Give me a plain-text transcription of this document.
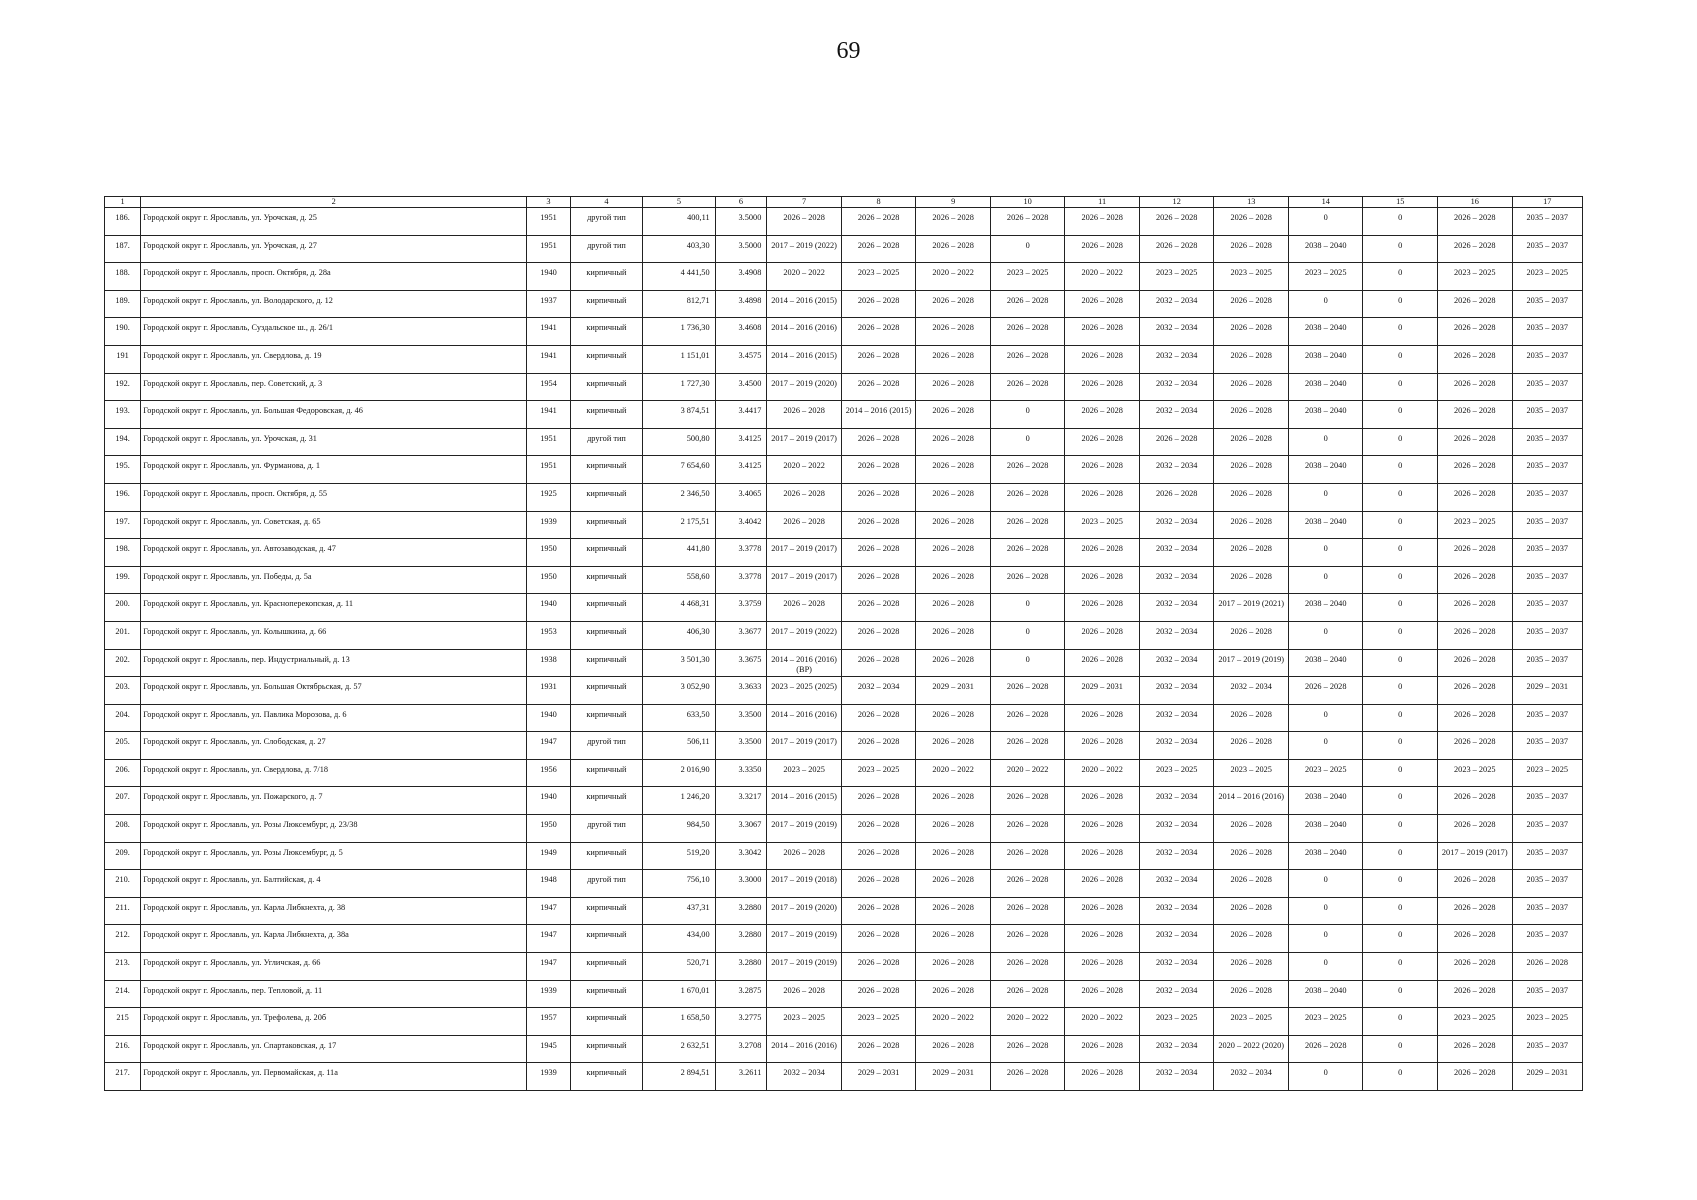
69
1	2	3	4	5	6	7	8	9	10	11	12	13	14	15	16	17

186.	Городской округ г. Ярославль, ул. Урочская, д. 25	1951	другой тип	400,11	3.5000	2026 – 2028	2026 – 2028	2026 – 2028	2026 – 2028	2026 – 2028	2026 – 2028	2026 – 2028	0	0	2026 – 2028	2035 – 2037

187.	Городской округ г. Ярославль, ул. Урочская, д. 27	1951	другой тип	403,30	3.5000	2017 – 2019 (2022)	2026 – 2028	2026 – 2028	0	2026 – 2028	2026 – 2028	2026 – 2028	2038 – 2040	0	2026 – 2028	2035 – 2037

188.	Городской округ г. Ярославль, просп. Октября, д. 28а	1940	кирпичный	4 441,50	3.4908	2020 – 2022	2023 – 2025	2020 – 2022	2023 – 2025	2020 – 2022	2023 – 2025	2023 – 2025	2023 – 2025	0	2023 – 2025	2023 – 2025

189.	Городской округ г. Ярославль, ул. Володарского, д. 12	1937	кирпичный	812,71	3.4898	2014 – 2016 (2015)	2026 – 2028	2026 – 2028	2026 – 2028	2026 – 2028	2032 – 2034	2026 – 2028	0	0	2026 – 2028	2035 – 2037

190.	Городской округ г. Ярославль, Суздальское ш., д. 26/1	1941	кирпичный	1 736,30	3.4608	2014 – 2016 (2016)	2026 – 2028	2026 – 2028	2026 – 2028	2026 – 2028	2032 – 2034	2026 – 2028	2038 – 2040	0	2026 – 2028	2035 – 2037

191	Городской округ г. Ярославль, ул. Свердлова, д. 19	1941	кирпичный	1 151,01	3.4575	2014 – 2016 (2015)	2026 – 2028	2026 – 2028	2026 – 2028	2026 – 2028	2032 – 2034	2026 – 2028	2038 – 2040	0	2026 – 2028	2035 – 2037

192.	Городской округ г. Ярославль, пер. Советский, д. 3	1954	кирпичный	1 727,30	3.4500	2017 – 2019 (2020)	2026 – 2028	2026 – 2028	2026 – 2028	2026 – 2028	2032 – 2034	2026 – 2028	2038 – 2040	0	2026 – 2028	2035 – 2037

193.	Городской округ г. Ярославль, ул. Большая Федоровская, д. 46	1941	кирпичный	3 874,51	3.4417	2026 – 2028	2014 – 2016 (2015)	2026 – 2028	0	2026 – 2028	2032 – 2034	2026 – 2028	2038 – 2040	0	2026 – 2028	2035 – 2037

194.	Городской округ г. Ярославль, ул. Урочская, д. 31	1951	другой тип	500,80	3.4125	2017 – 2019 (2017)	2026 – 2028	2026 – 2028	0	2026 – 2028	2026 – 2028	2026 – 2028	0	0	2026 – 2028	2035 – 2037

195.	Городской округ г. Ярославль, ул. Фурманова, д. 1	1951	кирпичный	7 654,60	3.4125	2020 – 2022	2026 – 2028	2026 – 2028	2026 – 2028	2026 – 2028	2032 – 2034	2026 – 2028	2038 – 2040	0	2026 – 2028	2035 – 2037

196.	Городской округ г. Ярославль, просп. Октября, д. 55	1925	кирпичный	2 346,50	3.4065	2026 – 2028	2026 – 2028	2026 – 2028	2026 – 2028	2026 – 2028	2026 – 2028	2026 – 2028	0	0	2026 – 2028	2035 – 2037

197.	Городской округ г. Ярославль, ул. Советская, д. 65	1939	кирпичный	2 175,51	3.4042	2026 – 2028	2026 – 2028	2026 – 2028	2026 – 2028	2023 – 2025	2032 – 2034	2026 – 2028	2038 – 2040	0	2023 – 2025	2035 – 2037

198.	Городской округ г. Ярославль, ул. Автозаводская, д. 47	1950	кирпичный	441,80	3.3778	2017 – 2019 (2017)	2026 – 2028	2026 – 2028	2026 – 2028	2026 – 2028	2032 – 2034	2026 – 2028	0	0	2026 – 2028	2035 – 2037

199.	Городской округ г. Ярославль, ул. Победы, д. 5а	1950	кирпичный	558,60	3.3778	2017 – 2019 (2017)	2026 – 2028	2026 – 2028	2026 – 2028	2026 – 2028	2032 – 2034	2026 – 2028	0	0	2026 – 2028	2035 – 2037

200.	Городской округ г. Ярославль, ул. Красноперекопская, д. 11	1940	кирпичный	4 468,31	3.3759	2026 – 2028	2026 – 2028	2026 – 2028	0	2026 – 2028	2032 – 2034	2017 – 2019 (2021)	2038 – 2040	0	2026 – 2028	2035 – 2037

201.	Городской округ г. Ярославль, ул. Колышкина, д. 66	1953	кирпичный	406,30	3.3677	2017 – 2019 (2022)	2026 – 2028	2026 – 2028	0	2026 – 2028	2032 – 2034	2026 – 2028	0	0	2026 – 2028	2035 – 2037

202.	Городской округ г. Ярославль, пер. Индустриальный, д. 13	1938	кирпичный	3 501,30	3.3675	2014 – 2016 (2016) (ВР)	2026 – 2028	2026 – 2028	0	2026 – 2028	2032 – 2034	2017 – 2019 (2019)	2038 – 2040	0	2026 – 2028	2035 – 2037

203.	Городской округ г. Ярославль, ул. Большая Октябрьская, д. 57	1931	кирпичный	3 052,90	3.3633	2023 – 2025 (2025)	2032 – 2034	2029 – 2031	2026 – 2028	2029 – 2031	2032 – 2034	2032 – 2034	2026 – 2028	0	2026 – 2028	2029 – 2031

204.	Городской округ г. Ярославль, ул. Павлика Морозова, д. 6	1940	кирпичный	633,50	3.3500	2014 – 2016 (2016)	2026 – 2028	2026 – 2028	2026 – 2028	2026 – 2028	2032 – 2034	2026 – 2028	0	0	2026 – 2028	2035 – 2037

205.	Городской округ г. Ярославль, ул. Слободская, д. 27	1947	другой тип	506,11	3.3500	2017 – 2019 (2017)	2026 – 2028	2026 – 2028	2026 – 2028	2026 – 2028	2032 – 2034	2026 – 2028	0	0	2026 – 2028	2035 – 2037

206.	Городской округ г. Ярославль, ул. Свердлова, д. 7/18	1956	кирпичный	2 016,90	3.3350	2023 – 2025	2023 – 2025	2020 – 2022	2020 – 2022	2020 – 2022	2023 – 2025	2023 – 2025	2023 – 2025	0	2023 – 2025	2023 – 2025

207.	Городской округ г. Ярославль, ул. Пожарского, д. 7	1940	кирпичный	1 246,20	3.3217	2014 – 2016 (2015)	2026 – 2028	2026 – 2028	2026 – 2028	2026 – 2028	2032 – 2034	2014 – 2016 (2016)	2038 – 2040	0	2026 – 2028	2035 – 2037

208.	Городской округ г. Ярославль, ул. Розы Люксембург, д. 23/38	1950	другой тип	984,50	3.3067	2017 – 2019 (2019)	2026 – 2028	2026 – 2028	2026 – 2028	2026 – 2028	2032 – 2034	2026 – 2028	2038 – 2040	0	2026 – 2028	2035 – 2037

209.	Городской округ г. Ярославль, ул. Розы Люксембург, д. 5	1949	кирпичный	519,20	3.3042	2026 – 2028	2026 – 2028	2026 – 2028	2026 – 2028	2026 – 2028	2032 – 2034	2026 – 2028	2038 – 2040	0	2017 – 2019 (2017)	2035 – 2037

210.	Городской округ г. Ярославль, ул. Балтийская, д. 4	1948	другой тип	756,10	3.3000	2017 – 2019 (2018)	2026 – 2028	2026 – 2028	2026 – 2028	2026 – 2028	2032 – 2034	2026 – 2028	0	0	2026 – 2028	2035 – 2037

211.	Городской округ г. Ярославль, ул. Карла Либкнехта, д. 38	1947	кирпичный	437,31	3.2880	2017 – 2019 (2020)	2026 – 2028	2026 – 2028	2026 – 2028	2026 – 2028	2032 – 2034	2026 – 2028	0	0	2026 – 2028	2035 – 2037

212.	Городской округ г. Ярославль, ул. Карла Либкнехта, д. 38а	1947	кирпичный	434,00	3.2880	2017 – 2019 (2019)	2026 – 2028	2026 – 2028	2026 – 2028	2026 – 2028	2032 – 2034	2026 – 2028	0	0	2026 – 2028	2035 – 2037

213.	Городской округ г. Ярославль, ул. Угличская, д. 66	1947	кирпичный	520,71	3.2880	2017 – 2019 (2019)	2026 – 2028	2026 – 2028	2026 – 2028	2026 – 2028	2032 – 2034	2026 – 2028	0	0	2026 – 2028	2026 – 2028

214.	Городской округ г. Ярославль, пер. Тепловой, д. 11	1939	кирпичный	1 670,01	3.2875	2026 – 2028	2026 – 2028	2026 – 2028	2026 – 2028	2026 – 2028	2032 – 2034	2026 – 2028	2038 – 2040	0	2026 – 2028	2035 – 2037

215	Городской округ г. Ярославль, ул. Трефолева, д. 20б	1957	кирпичный	1 658,50	3.2775	2023 – 2025	2023 – 2025	2020 – 2022	2020 – 2022	2020 – 2022	2023 – 2025	2023 – 2025	2023 – 2025	0	2023 – 2025	2023 – 2025

216.	Городской округ г. Ярославль, ул. Спартаковская, д. 17	1945	кирпичный	2 632,51	3.2708	2014 – 2016 (2016)	2026 – 2028	2026 – 2028	2026 – 2028	2026 – 2028	2032 – 2034	2020 – 2022 (2020)	2026 – 2028	0	2026 – 2028	2035 – 2037

217.	Городской округ г. Ярославль, ул. Первомайская, д. 11а	1939	кирпичный	2 894,51	3.2611	2032 – 2034	2029 – 2031	2029 – 2031	2026 – 2028	2026 – 2028	2032 – 2034	2032 – 2034	0	0	2026 – 2028	2029 – 2031
